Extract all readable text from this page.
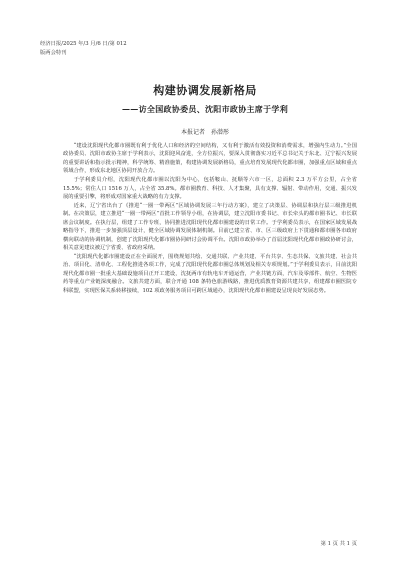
经济日报/2025 年/3 月/6 日/第 012
版两会特刊
构建协调发展新格局
——访全国政协委员、沈阳市政协主席于学利
本报记者　孙潜彤

“建设沈阳现代化都市圈既有利于优化人口和经济的空间结构，又有利于激活有效投资和消费需求，增强内生动力。”全国政协委员、沈阳市政协主席于学利表示，沈阳迎风奋进，全方位振兴，要深入贯彻落实习近平总书记关于东北、辽宁振兴发展的重要讲话和指示批示精神，科学统筹、精准施策，构建协调发展新格局，重点培育发展现代化都市圈，加强重点区域和重点领域合作，形成东北地区协同开放合力。

于学利委员介绍，沈阳现代化都市圈以沈阳为中心，包括鞍山、抚顺等六市一区，总面积 2.3 万平方公里，占全省 15.5%；常住人口 1516 万人，占全省 35.8%。都市圈教育、科技、人才集聚，具有支撑、辐射、带动作用，交通、振兴发展的重要引擎，将形成对国家重大战略的有力支撑。

近来，辽宁省出台了《推进“一圈一带两区”区域协调发展三年行动方案》，建立了决策层、协调层和执行层三级推进机制。在决策层，建立推进“一圈一带两区”首批工作领导小组，在协调层，建立沈阳市委书记、市长牵头的都市圈书记、市长联席会议制度。在执行层，组建了工作专班，协同推进沈阳现代化都市圈建设的日常工作。于学利委员表示，在国家区域发展战略指导下，推进一步加强顶层设计，健全区域协调发展体制机制。目前已建立省、市、区三级政府上下贯通和都市圈各市政府横向联动的协调机制，创建了沈阳现代化都市圈协同研讨会协调平台。沈阳市政协举办了首届沈阳现代化都市圈政协研讨会，相关意见建议被辽宁省委、省政府采纳。

“沈阳现代化都市圈建设正在全面展开，围绕规划共绘、交通共联、产业共建、平台共享、生态共保、文旅共建、社会共治、项目化、清单化、工程化推进各项工作，完成了沈阳现代化都市圈总体规划及相关专项规划。”于学利委员表示，目前沈阳现代化都市圈一批重大基础设施项目正开工建设，沈抚两市有轨电车开通运营，产业共链方面，汽车及零部件、航空、生物医药等重点产业链深度融合。文旅共建方面，联合开通 108 条特色旅游线路，推进优质教育资源共建共享，组建都市圈医院专科联盟，实现医保关系转移接续，102 项政务服务项目可跨区域通办，沈阳现代化都市圈建设呈现良好发展态势。

第 1 页 共 1 页
